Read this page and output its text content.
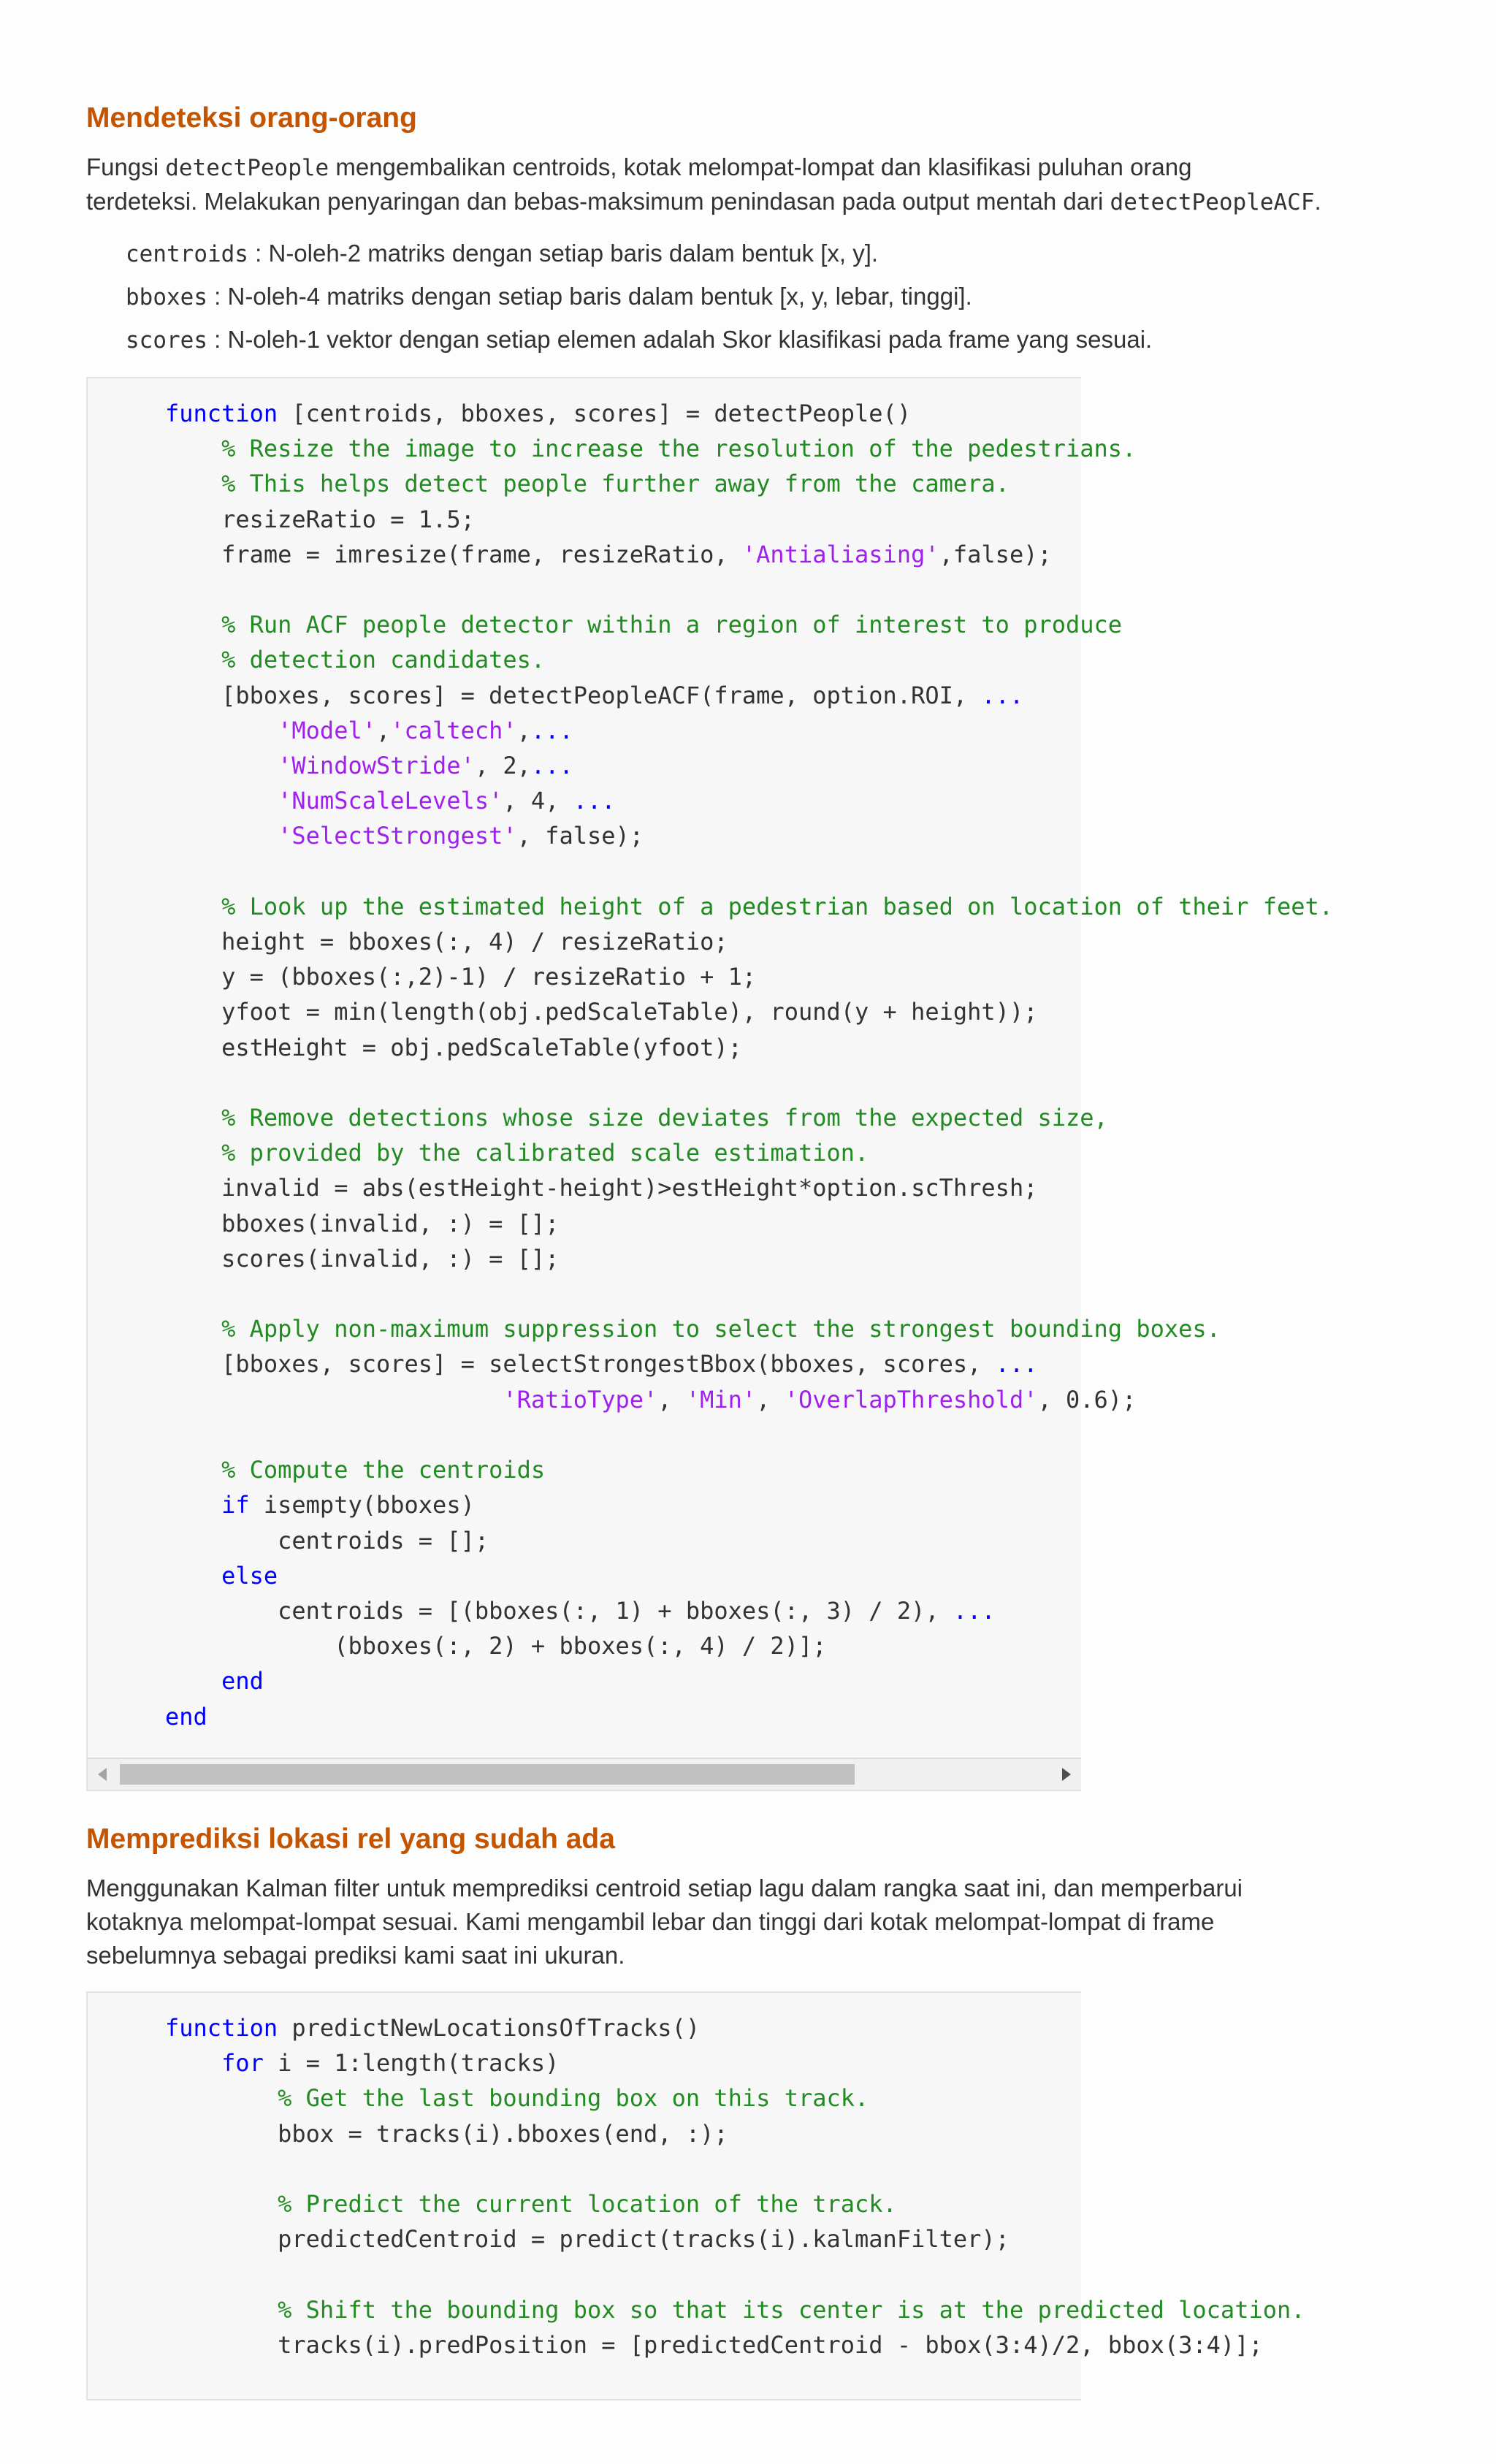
Mendeteksi orang-orang
Fungsi detectPeople mengembalikan centroids, kotak melompat-lompat dan klasifikasi puluhan orang
terdeteksi. Melakukan penyaringan dan bebas-maksimum penindasan pada output mentah dari detectPeopleACF.
centroids : N-oleh-2 matriks dengan setiap baris dalam bentuk [x, y].
bboxes : N-oleh-4 matriks dengan setiap baris dalam bentuk [x, y, lebar, tinggi].
scores : N-oleh-1 vektor dengan setiap elemen adalah Skor klasifikasi pada frame yang sesuai.
function [centroids, bboxes, scores] = detectPeople()
% Resize the image to increase the resolution of the pedestrians.
% This helps detect people further away from the camera.
resizeRatio = 1.5;
frame = imresize(frame, resizeRatio, 'Antialiasing',false);

% Run ACF people detector within a region of interest to produce
% detection candidates.
[bboxes, scores] = detectPeopleACF(frame, option.ROI, ...
'Model','caltech',...
'WindowStride', 2,...
'NumScaleLevels', 4, ...
'SelectStrongest', false);

% Look up the estimated height of a pedestrian based on location of their feet.
height = bboxes(:, 4) / resizeRatio;
y = (bboxes(:,2)-1) / resizeRatio + 1;
yfoot = min(length(obj.pedScaleTable), round(y + height));
estHeight = obj.pedScaleTable(yfoot);

% Remove detections whose size deviates from the expected size,
% provided by the calibrated scale estimation.
invalid = abs(estHeight-height)>estHeight*option.scThresh;
bboxes(invalid, :) = [];
scores(invalid, :) = [];

% Apply non-maximum suppression to select the strongest bounding boxes.
[bboxes, scores] = selectStrongestBbox(bboxes, scores, ...
'RatioType', 'Min', 'OverlapThreshold', 0.6);

% Compute the centroids
if isempty(bboxes)
centroids = [];
else
centroids = [(bboxes(:, 1) + bboxes(:, 3) / 2), ...
(bboxes(:, 2) + bboxes(:, 4) / 2)];
end
end
Memprediksi lokasi rel yang sudah ada
Menggunakan Kalman filter untuk memprediksi centroid setiap lagu dalam rangka saat ini, dan memperbarui
kotaknya melompat-lompat sesuai. Kami mengambil lebar dan tinggi dari kotak melompat-lompat di frame
sebelumnya sebagai prediksi kami saat ini ukuran.
function predictNewLocationsOfTracks()
for i = 1:length(tracks)
% Get the last bounding box on this track.
bbox = tracks(i).bboxes(end, :);

% Predict the current location of the track.
predictedCentroid = predict(tracks(i).kalmanFilter);

% Shift the bounding box so that its center is at the predicted location.
tracks(i).predPosition = [predictedCentroid - bbox(3:4)/2, bbox(3:4)];
